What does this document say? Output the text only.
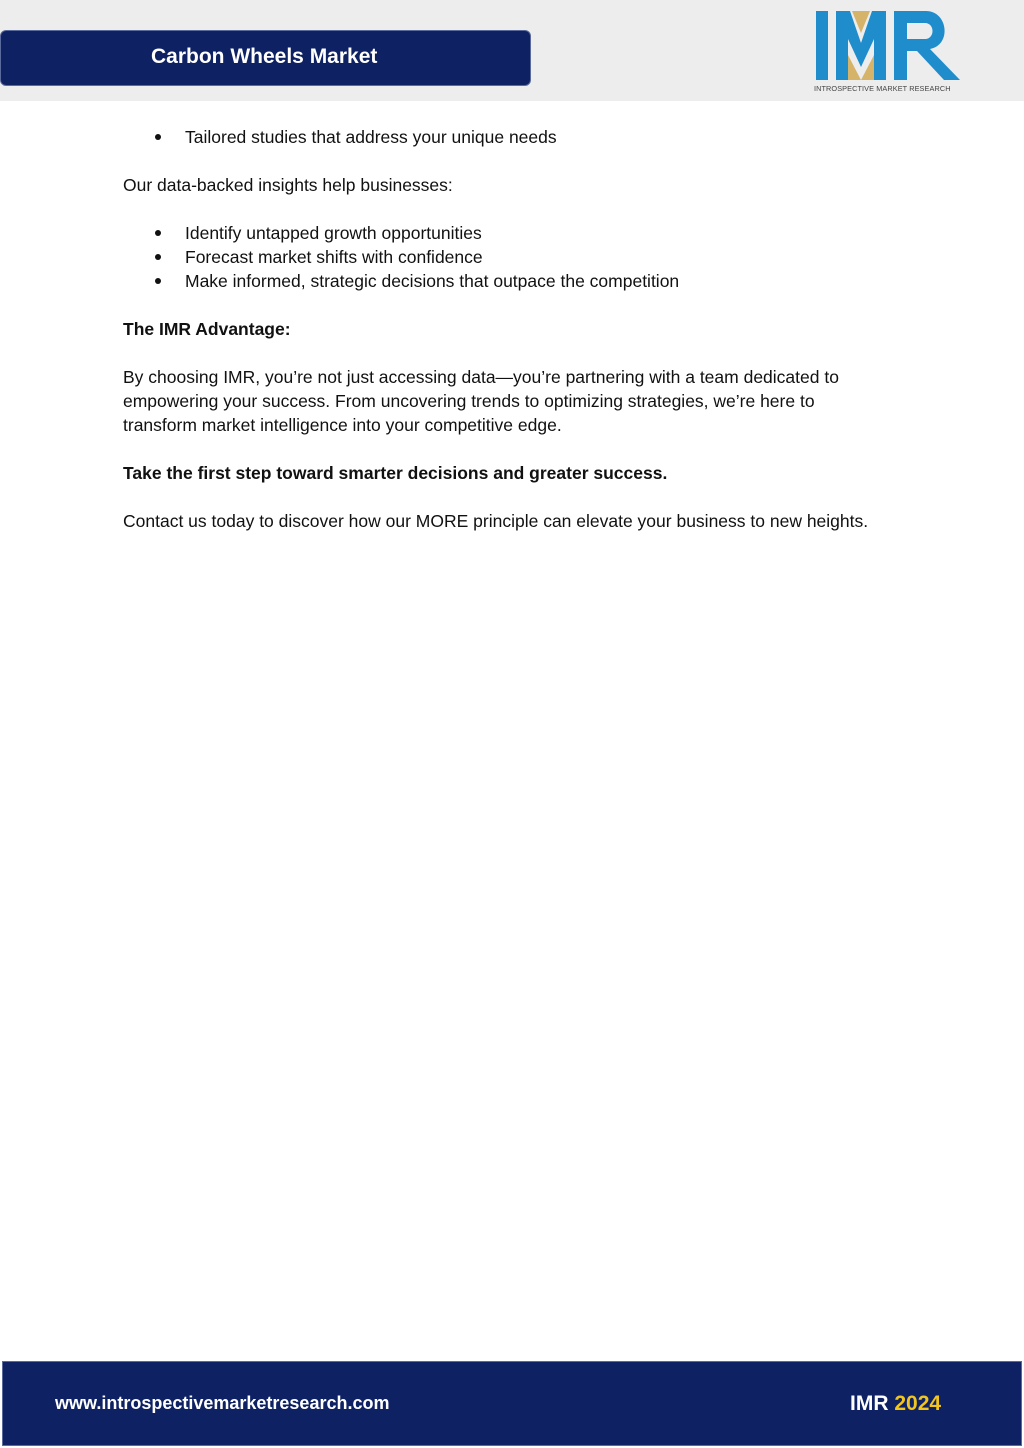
Carbon Wheels Market
INTROSPECTIVE MARKET RESEARCH
Tailored studies that address your unique needs

Our data-backed insights help businesses:

Identify untapped growth opportunities
Forecast market shifts with confidence
Make informed, strategic decisions that outpace the competition

The IMR Advantage:

By choosing IMR, you’re not just accessing data—you’re partnering with a team dedicated to
empowering your success. From uncovering trends to optimizing strategies, we’re here to
transform market intelligence into your competitive edge.

Take the first step toward smarter decisions and greater success.

Contact us today to discover how our MORE principle can elevate your business to new heights.

www.introspectivemarketresearch.com	IMR 2024
